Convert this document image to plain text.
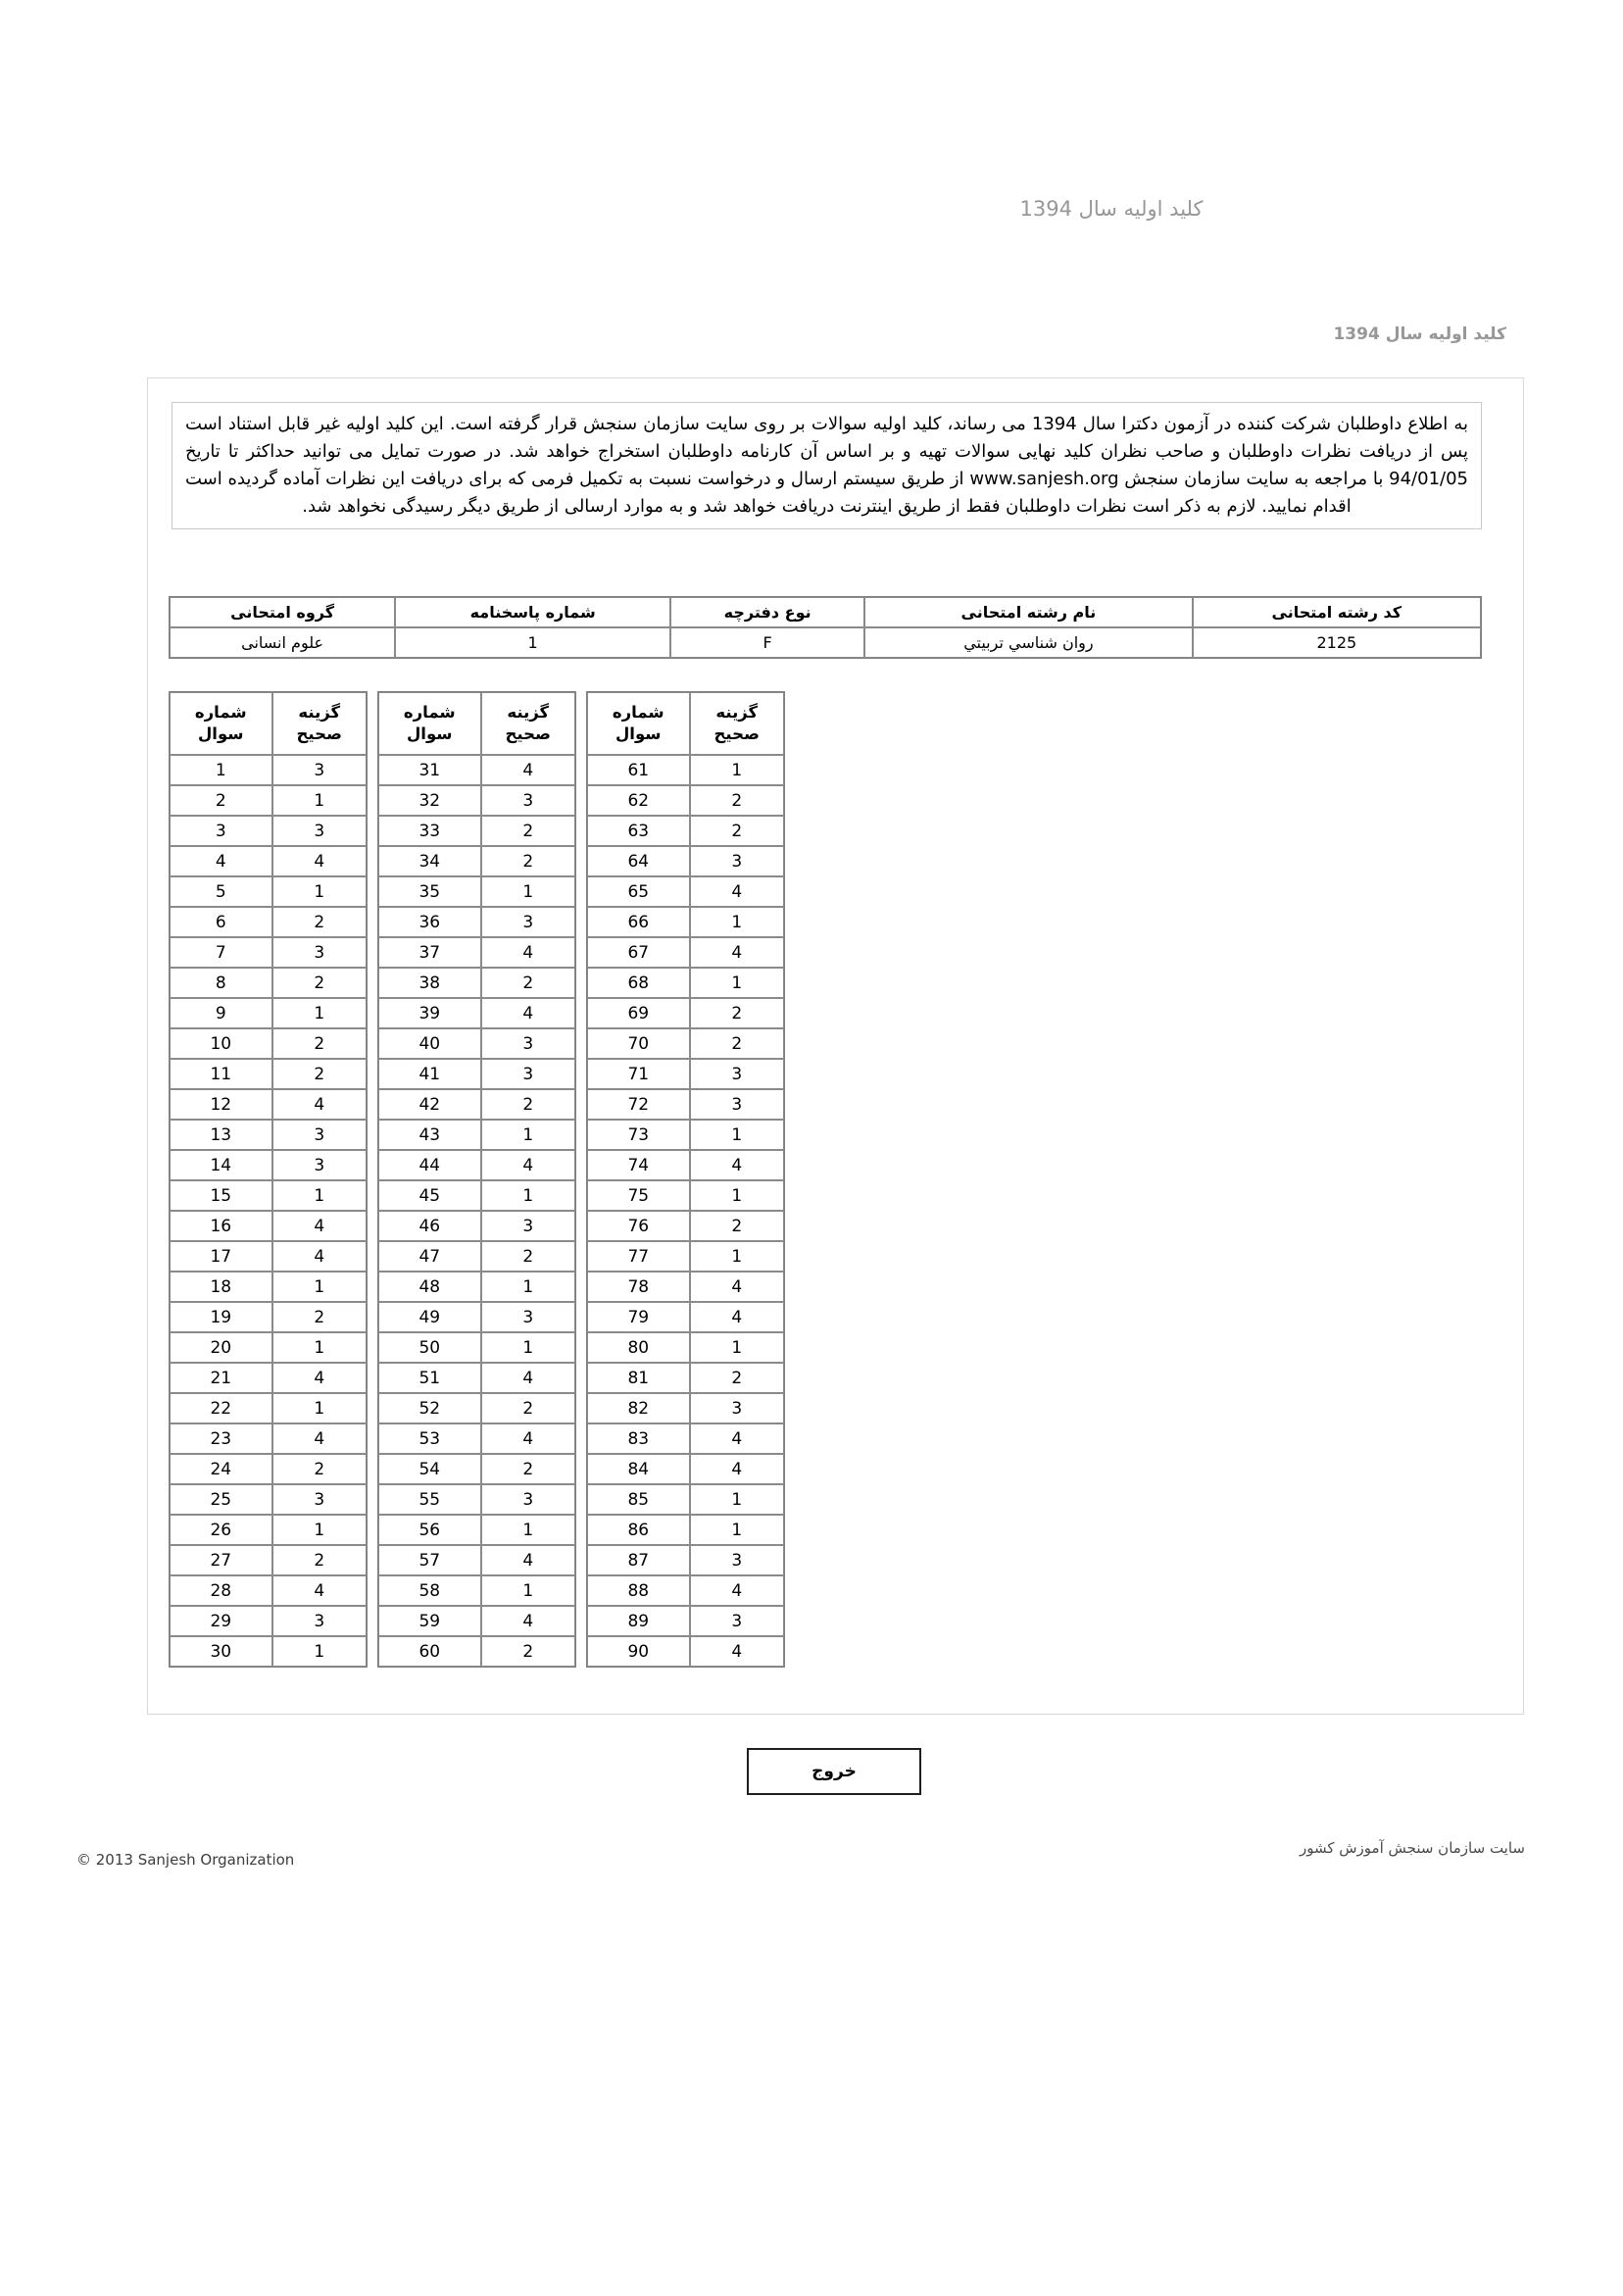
کلید اولیه سال 1394
کلید اولیه سال 1394

به اطلاع داوطلبان شرکت کننده در آزمون دکترا سال 1394 می رساند، کلید اولیه سوالات بر روی سایت سازمان سنجش قرار گرفته است. این کلید اولیه غیر قابل استناد است پس از دریافت نظرات داوطلبان و صاحب نظران کلید نهایی سوالات تهیه و بر اساس آن کارنامه داوطلبان استخراج خواهد شد. در صورت تمایل می توانید حداکثر تا تاریخ 94/01/05 با مراجعه به سایت سازمان سنجش www.sanjesh.org از طریق سیستم ارسال و درخواست نسبت به تکمیل فرمی که برای دریافت این نظرات آماده گردیده است اقدام نمایید. لازم به ذکر است نظرات داوطلبان فقط از طریق اینترنت دریافت خواهد شد و به موارد ارسالی از طریق دیگر رسیدگی نخواهد شد.

کد رشته امتحانی	نام رشته امتحانی	نوع دفترچه	شماره پاسخنامه	گروه امتحانی
2125	روان شناسي تربيتي	F	1	علوم انسانی
شماره
سوال	گزینه
صحیح
1	3
2	1
3	3
4	4
5	1
6	2
7	3
8	2
9	1
10	2
11	2
12	4
13	3
14	3
15	1
16	4
17	4
18	1
19	2
20	1
21	4
22	1
23	4
24	2
25	3
26	1
27	2
28	4
29	3
30	1
شماره
سوال	گزینه
صحیح
31	4
32	3
33	2
34	2
35	1
36	3
37	4
38	2
39	4
40	3
41	3
42	2
43	1
44	4
45	1
46	3
47	2
48	1
49	3
50	1
51	4
52	2
53	4
54	2
55	3
56	1
57	4
58	1
59	4
60	2
شماره
سوال	گزینه
صحیح
61	1
62	2
63	2
64	3
65	4
66	1
67	4
68	1
69	2
70	2
71	3
72	3
73	1
74	4
75	1
76	2
77	1
78	4
79	4
80	1
81	2
82	3
83	4
84	4
85	1
86	1
87	3
88	4
89	3
90	4
خروج
© 2013 Sanjesh Organization
سایت سازمان سنجش آموزش کشور
